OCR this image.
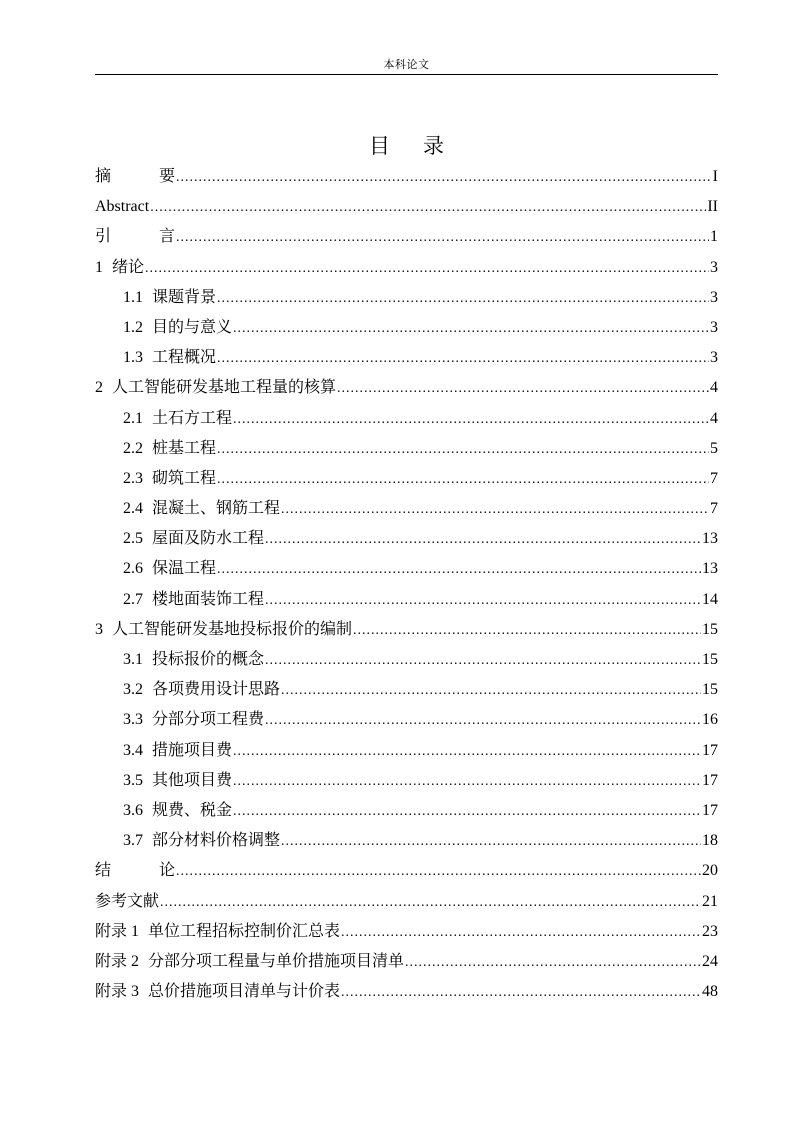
本科论文
目 录
摘	要 .....	I
Abstract .....	II
引	言 .....	1
1 绪论 .....	3
1.1 课题背景 .....	3
1.2 目的与意义 .....	3
1.3 工程概况 .....	3
2 人工智能研发基地工程量的核算 .....	4
2.1 土石方工程 .....	4
2.2 桩基工程 .....	5
2.3 砌筑工程 .....	7
2.4 混凝土、钢筋工程 .....	7
2.5 屋面及防水工程 .....	13
2.6 保温工程 .....	13
2.7 楼地面装饰工程 .....	14
3 人工智能研发基地投标报价的编制 .....	15
3.1 投标报价的概念 .....	15
3.2 各项费用设计思路 .....	15
3.3 分部分项工程费 .....	16
3.4 措施项目费 .....	17
3.5 其他项目费 .....	17
3.6 规费、税金 .....	17
3.7 部分材料价格调整 .....	18
结	论 .....	20
参考文献 .....	21
附录 1 单位工程招标控制价汇总表 .....	23
附录 2 分部分项工程量与单价措施项目清单 .....	24
附录 3 总价措施项目清单与计价表 .....	48
